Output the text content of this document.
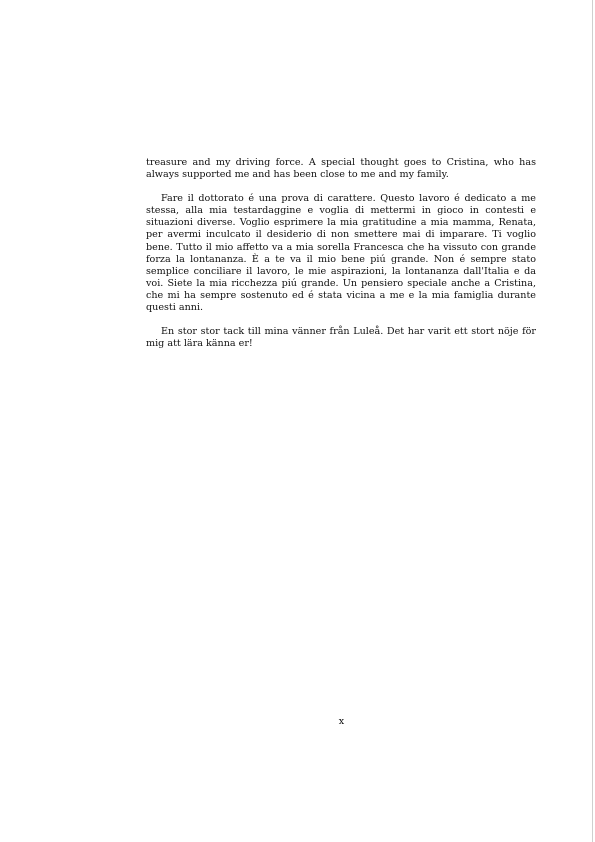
treasure and my driving force. A special thought goes to Cristina, who has always supported me and has been close to me and my family.

Fare il dottorato é una prova di carattere. Questo lavoro é dedicato a me stessa, alla mia testardaggine e voglia di mettermi in gioco in contesti e situazioni diverse. Voglio esprimere la mia gratitudine a mia mamma, Renata, per avermi inculcato il desiderio di non smettere mai di imparare. Ti voglio bene. Tutto il mio affetto va a mia sorella Francesca che ha vissuto con grande forza la lontananza. È a te va il mio bene piú grande. Non é sempre stato semplice conciliare il lavoro, le mie aspirazioni, la lontananza dall'Italia e da voi. Siete la mia ricchezza piú grande. Un pensiero speciale anche a Cristina, che mi ha sempre sostenuto ed é stata vicina a me e la mia famiglia durante questi anni.

En stor stor tack till mina vänner från Luleå. Det har varit ett stort nöje för mig att lära känna er!

x
